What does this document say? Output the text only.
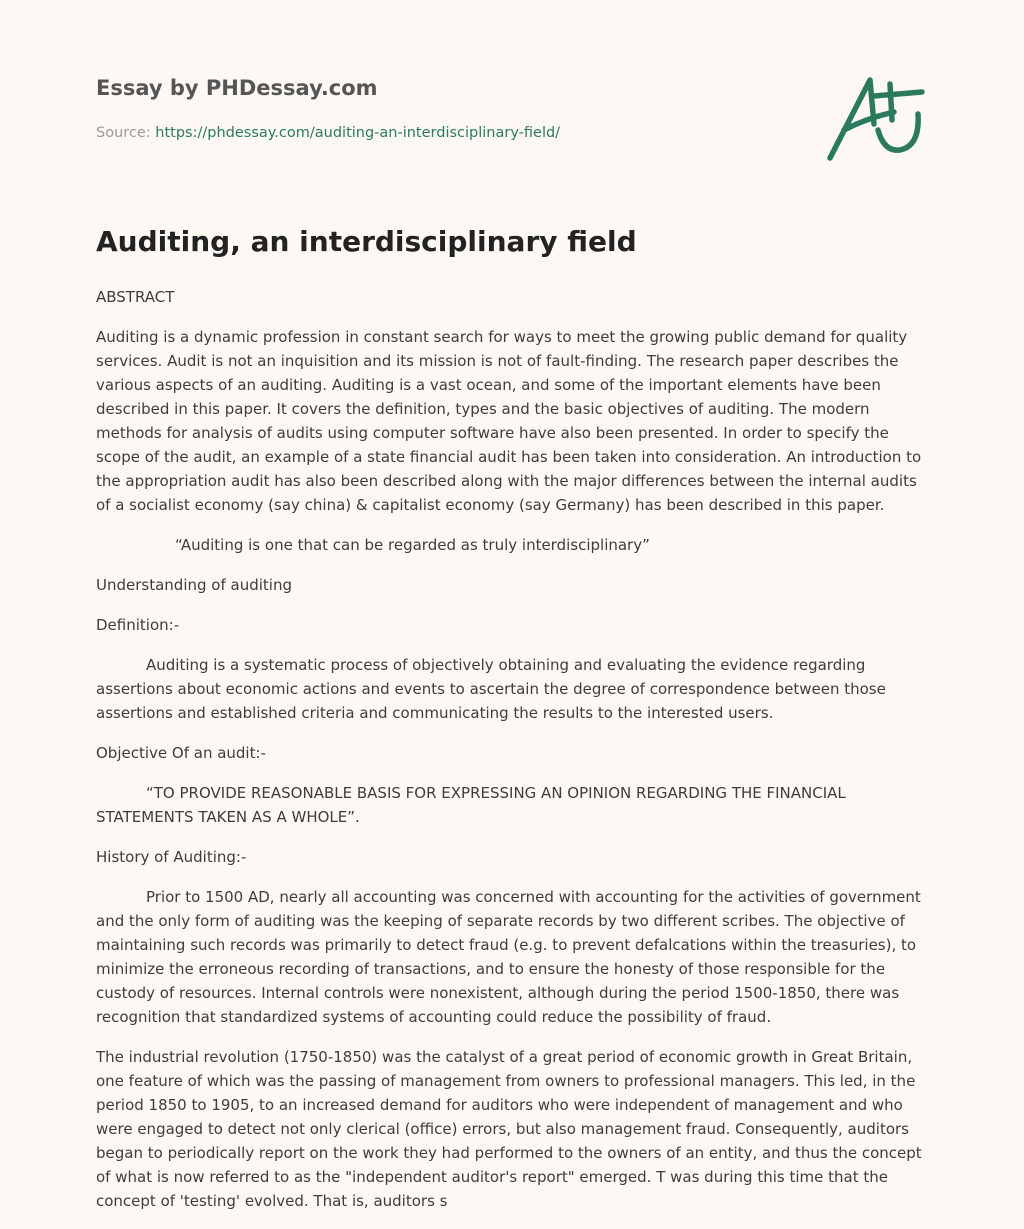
Essay by PHDessay.com
Source: https://phdessay.com/auditing-an-interdisciplinary-field/
Auditing, an interdisciplinary field

ABSTRACT

Auditing is a dynamic profession in constant search for ways to meet the growing public demand for quality services. Audit is not an inquisition and its mission is not of fault-finding. The research paper describes the various aspects of an auditing. Auditing is a vast ocean, and some of the important elements have been described in this paper. It covers the definition, types and the basic objectives of auditing. The modern methods for analysis of audits using computer software have also been presented. In order to specify the scope of the audit, an example of a state financial audit has been taken into consideration. An introduction to the appropriation audit has also been described along with the major differences between the internal audits of a socialist economy (say china) & capitalist economy (say Germany) has been described in this paper.

“Auditing is one that can be regarded as truly interdisciplinary”

Understanding of auditing

Definition:-

Auditing is a systematic process of objectively obtaining and evaluating the evidence regarding assertions about economic actions and events to ascertain the degree of correspondence between those assertions and established criteria and communicating the results to the interested users.

Objective Of an audit:-

“TO PROVIDE REASONABLE BASIS FOR EXPRESSING AN OPINION REGARDING THE FINANCIAL STATEMENTS TAKEN AS A WHOLE”.

History of Auditing:-

Prior to 1500 AD, nearly all accounting was concerned with accounting for the activities of government and the only form of auditing was the keeping of separate records by two different scribes. The objective of maintaining such records was primarily to detect fraud (e.g. to prevent defalcations within the treasuries), to minimize the erroneous recording of transactions, and to ensure the honesty of those responsible for the custody of resources. Internal controls were nonexistent, although during the period 1500-1850, there was recognition that standardized systems of accounting could reduce the possibility of fraud.

The industrial revolution (1750-1850) was the catalyst of a great period of economic growth in Great Britain, one feature of which was the passing of management from owners to professional managers. This led, in the period 1850 to 1905, to an increased demand for auditors who were independent of management and who were engaged to detect not only clerical (office) errors, but also management fraud. Consequently, auditors began to periodically report on the work they had performed to the owners of an entity, and thus the concept of what is now referred to as the "independent auditor's report" emerged. T was during this time that the concept of 'testing' evolved. That is, auditors s
